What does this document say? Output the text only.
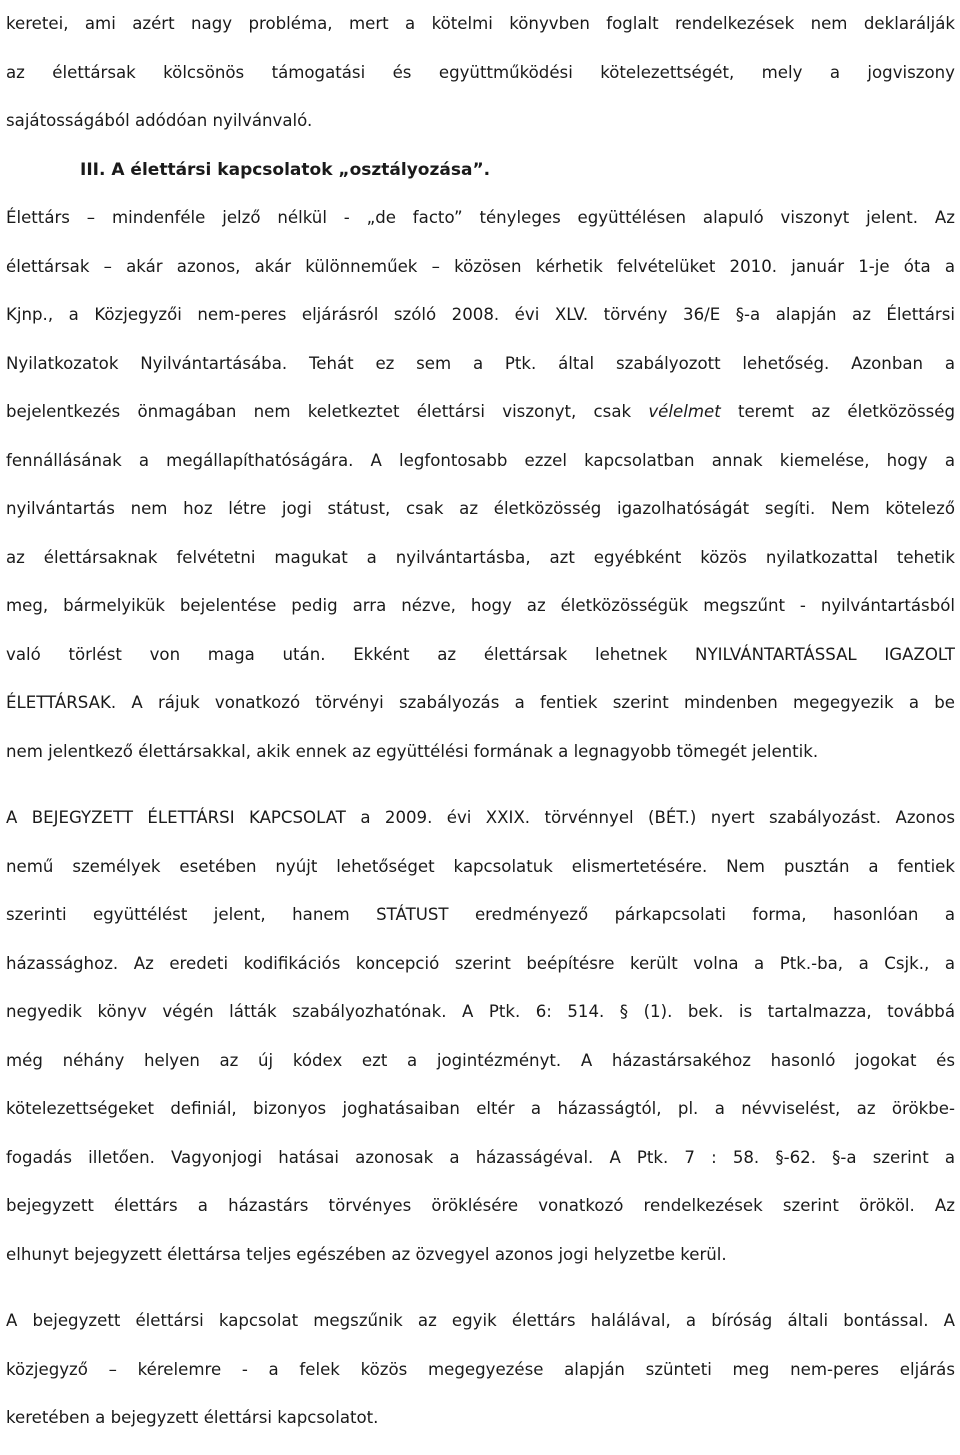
keretei, ami azért nagy probléma, mert a kötelmi könyvben foglalt rendelkezések nem deklarálják
az élettársak kölcsönös támogatási és együttműködési kötelezettségét, mely a jogviszony
sajátosságából adódóan nyilvánvaló.
III. A élettársi kapcsolatok „osztályozása”.
Élettárs – mindenféle jelző nélkül - „de facto” tényleges együttélésen alapuló viszonyt jelent. Az
élettársak – akár azonos, akár különneműek – közösen kérhetik felvételüket 2010. január 1-je óta a
Kjnp., a Közjegyzői nem-peres eljárásról szóló 2008. évi XLV. törvény 36/E §-a alapján az Élettársi
Nyilatkozatok Nyilvántartásába. Tehát ez sem a Ptk. által szabályozott lehetőség. Azonban a
bejelentkezés önmagában nem keletkeztet élettársi viszonyt, csak vélelmet teremt az életközösség
fennállásának a megállapíthatóságára. A legfontosabb ezzel kapcsolatban annak kiemelése, hogy a
nyilvántartás nem hoz létre jogi státust, csak az életközösség igazolhatóságát segíti. Nem kötelező
az élettársaknak felvétetni magukat a nyilvántartásba, azt egyébként közös nyilatkozattal tehetik
meg, bármelyikük bejelentése pedig arra nézve, hogy az életközösségük megszűnt - nyilvántartásból
való törlést von maga után. Ekként az élettársak lehetnek NYILVÁNTARTÁSSAL IGAZOLT
ÉLETTÁRSAK. A rájuk vonatkozó törvényi szabályozás a fentiek szerint mindenben megegyezik a be
nem jelentkező élettársakkal, akik ennek az együttélési formának a legnagyobb tömegét jelentik.
A BEJEGYZETT ÉLETTÁRSI KAPCSOLAT a 2009. évi XXIX. törvénnyel (BÉT.) nyert szabályozást. Azonos
nemű személyek esetében nyújt lehetőséget kapcsolatuk elismertetésére. Nem pusztán a fentiek
szerinti együttélést jelent, hanem STÁTUST eredményező párkapcsolati forma, hasonlóan a
házassághoz. Az eredeti kodifikációs koncepció szerint beépítésre került volna a Ptk.-ba, a Csjk., a
negyedik könyv végén látták szabályozhatónak. A Ptk. 6: 514. § (1). bek. is tartalmazza, továbbá
még néhány helyen az új kódex ezt a jogintézményt. A házastársakéhoz hasonló jogokat és
kötelezettségeket definiál, bizonyos joghatásaiban eltér a házasságtól, pl. a névviselést, az örökbe-
fogadás illetően. Vagyonjogi hatásai azonosak a házasságéval. A Ptk. 7 : 58. §-62. §-a szerint a
bejegyzett élettárs a házastárs törvényes öröklésére vonatkozó rendelkezések szerint örököl. Az
elhunyt bejegyzett élettársa teljes egészében az özvegyel azonos jogi helyzetbe kerül.
A bejegyzett élettársi kapcsolat megszűnik az egyik élettárs halálával, a bíróság általi bontással. A
közjegyző – kérelemre - a felek közös megegyezése alapján szünteti meg nem-peres eljárás
keretében a bejegyzett élettársi kapcsolatot.
